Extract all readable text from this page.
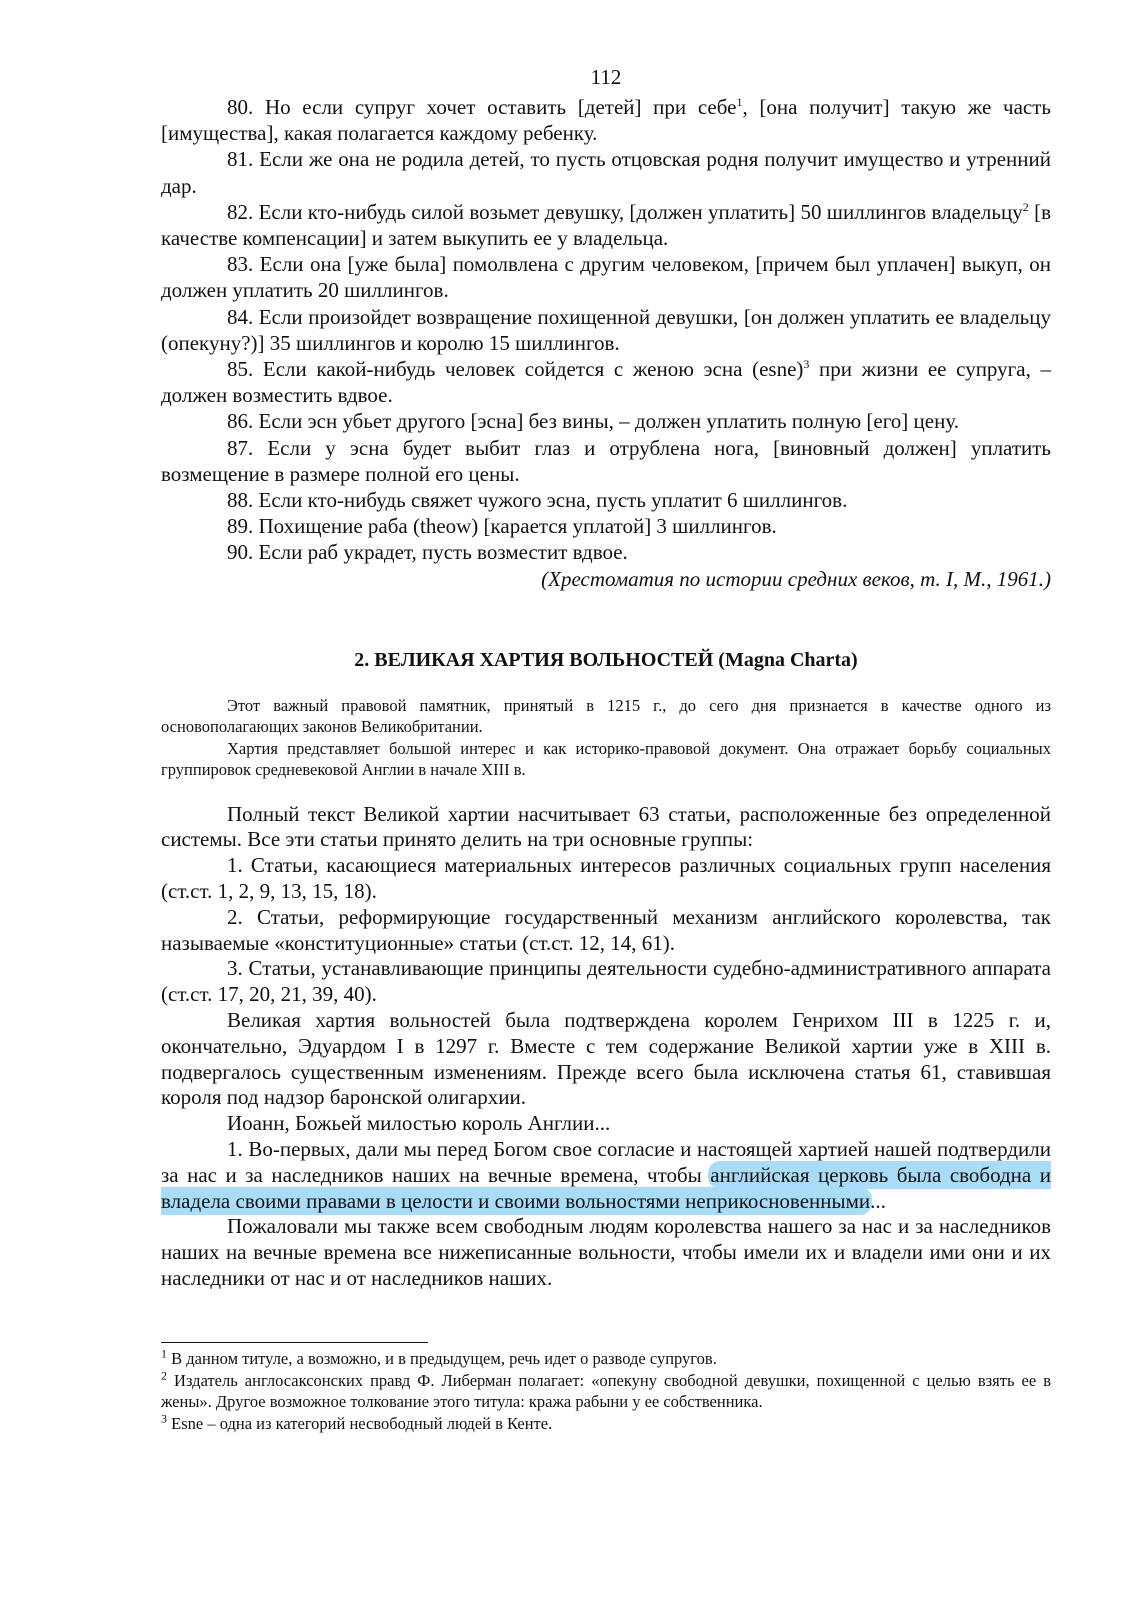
112

80. Но если супруг хочет оставить [детей] при себе$^1$, [она получит] такую же часть [имущества], какая полагается каждому ребенку.

81. Если же она не родила детей, то пусть отцовская родня получит имущество и утренний дар.

82. Если кто-нибудь силой возьмет девушку, [должен уплатить] 50 шиллингов владельцу$^2$ [в качестве компенсации] и затем выкупить ее у владельца.

83. Если она [уже была] помолвлена с другим человеком, [причем был уплачен] выкуп, он должен уплатить 20 шиллингов.

84. Если произойдет возвращение похищенной девушки, [он должен уплатить ее владельцу (опекуну?)] 35 шиллингов и королю 15 шиллингов.

85. Если какой-нибудь человек сойдется с женою эсна (esne)$^3$ при жизни ее супруга, – должен возместить вдвое.

86. Если эсн убьет другого [эсна] без вины, – должен уплатить полную [его] цену.

87. Если у эсна будет выбит глаз и отрублена нога, [виновный должен] уплатить возмещение в размере полной его цены.

88. Если кто-нибудь свяжет чужого эсна, пусть уплатит 6 шиллингов.

89. Похищение раба (theow) [карается уплатой] 3 шиллингов.

90. Если раб украдет, пусть возместит вдвое.

(Хрестоматия по истории средних веков, т. I, М., 1961.)

2. ВЕЛИКАЯ ХАРТИЯ ВОЛЬНОСТЕЙ (Magna Charta)

Этот важный правовой памятник, принятый в 1215 г., до сего дня признается в качестве одного из основополагающих законов Великобритании.

Хартия представляет большой интерес и как историко-правовой документ. Она отражает борьбу социальных группировок средневековой Англии в начале XIII в.

Полный текст Великой хартии насчитывает 63 статьи, расположенные без определенной системы. Все эти статьи принято делить на три основные группы:

1. Статьи, касающиеся материальных интересов различных социальных групп населения (ст.ст. 1, 2, 9, 13, 15, 18).

2. Статьи, реформирующие государственный механизм английского королевства, так называемые «конституционные» статьи (ст.ст. 12, 14, 61).

3. Статьи, устанавливающие принципы деятельности судебно-административного аппарата (ст.ст. 17, 20, 21, 39, 40).

Великая хартия вольностей была подтверждена королем Генрихом III в 1225 г. и, окончательно, Эдуардом I в 1297 г. Вместе с тем содержание Великой хартии уже в XIII в. подвергалось существенным изменениям. Прежде всего была исключена статья 61, ставившая короля под надзор баронской олигархии.

Иоанн, Божьей милостью король Англии...

1. Во-первых, дали мы перед Богом свое согласие и настоящей хартией нашей подтвердили за нас и за наследников наших на вечные времена, чтобы английская церковь была свободна и владела своими правами в целости и своими вольностями неприкосновенными...

Пожаловали мы также всем свободным людям королевства нашего за нас и за наследников наших на вечные времена все нижеписанные вольности, чтобы имели их и владели ими они и их наследники от нас и от наследников наших.

$^1$ В данном титуле, а возможно, и в предыдущем, речь идет о разводе супругов.

$^2$ Издатель англосаксонских правд Ф. Либерман полагает: «опекуну свободной девушки, похищенной с целью взять ее в жены». Другое возможное толкование этого титула: кража рабыни у ее собственника.

$^3$ Esne – одна из категорий несвободный людей в Кенте.
